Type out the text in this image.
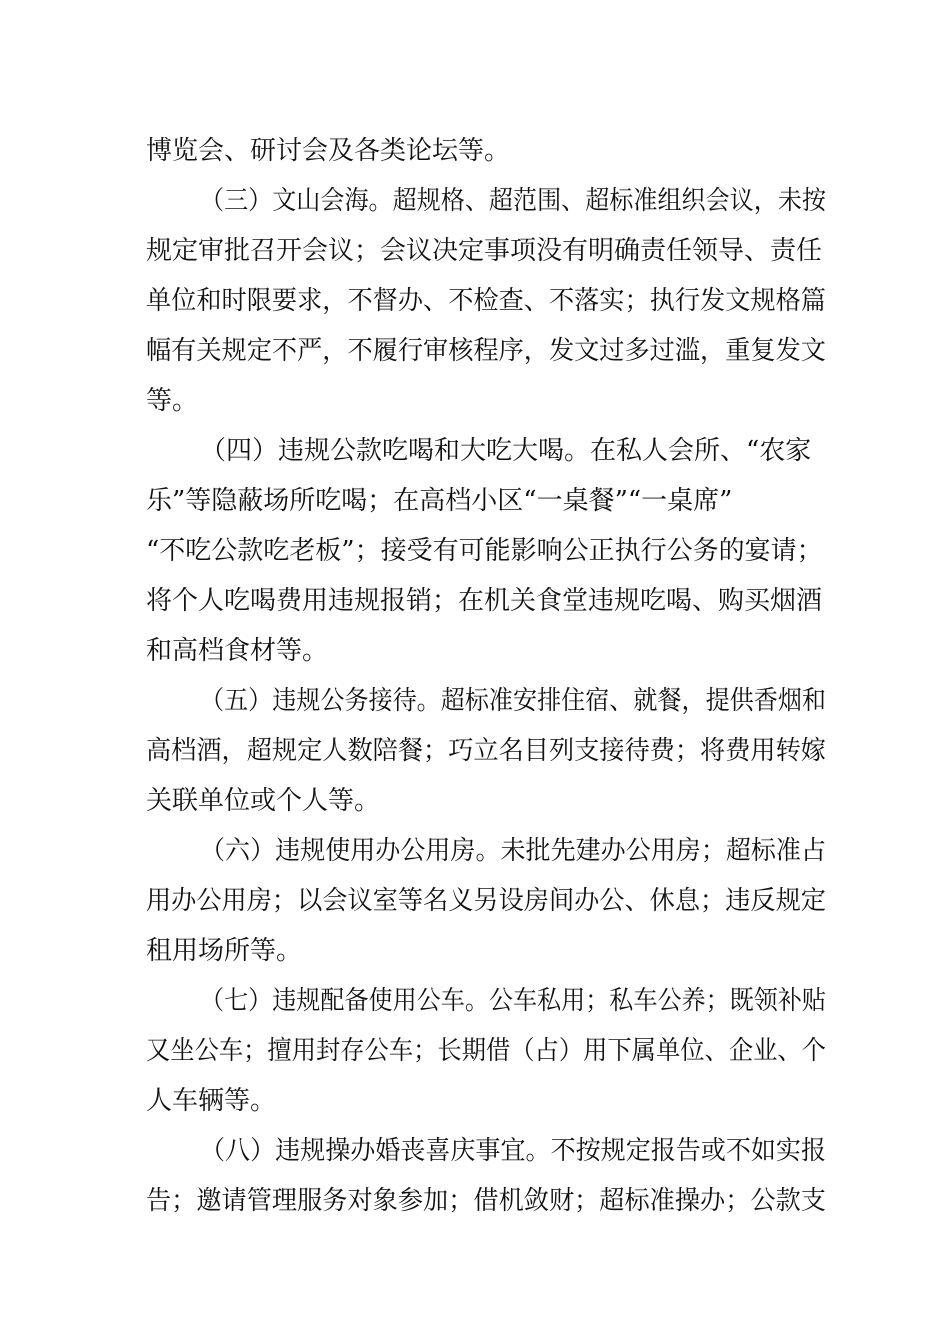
博览会、研讨会及各类论坛等。
（三）文山会海。超规格、超范围、超标准组织会议，未按
规定审批召开会议；会议决定事项没有明确责任领导、责任
单位和时限要求，不督办、不检查、不落实；执行发文规格篇
幅有关规定不严，不履行审核程序，发文过多过滥，重复发文
等。
（四）违规公款吃喝和大吃大喝。在私人会所、“农家
乐”等隐蔽场所吃喝；在高档小区“一桌餐”“一桌席”
“不吃公款吃老板”；接受有可能影响公正执行公务的宴请；
将个人吃喝费用违规报销；在机关食堂违规吃喝、购买烟酒
和高档食材等。
（五）违规公务接待。超标准安排住宿、就餐，提供香烟和
高档酒，超规定人数陪餐；巧立名目列支接待费；将费用转嫁
关联单位或个人等。
（六）违规使用办公用房。未批先建办公用房；超标准占
用办公用房；以会议室等名义另设房间办公、休息；违反规定
租用场所等。
（七）违规配备使用公车。公车私用；私车公养；既领补贴
又坐公车；擅用封存公车；长期借（占）用下属单位、企业、个
人车辆等。
（八）违规操办婚丧喜庆事宜。不按规定报告或不如实报
告；邀请管理服务对象参加；借机敛财；超标准操办；公款支
